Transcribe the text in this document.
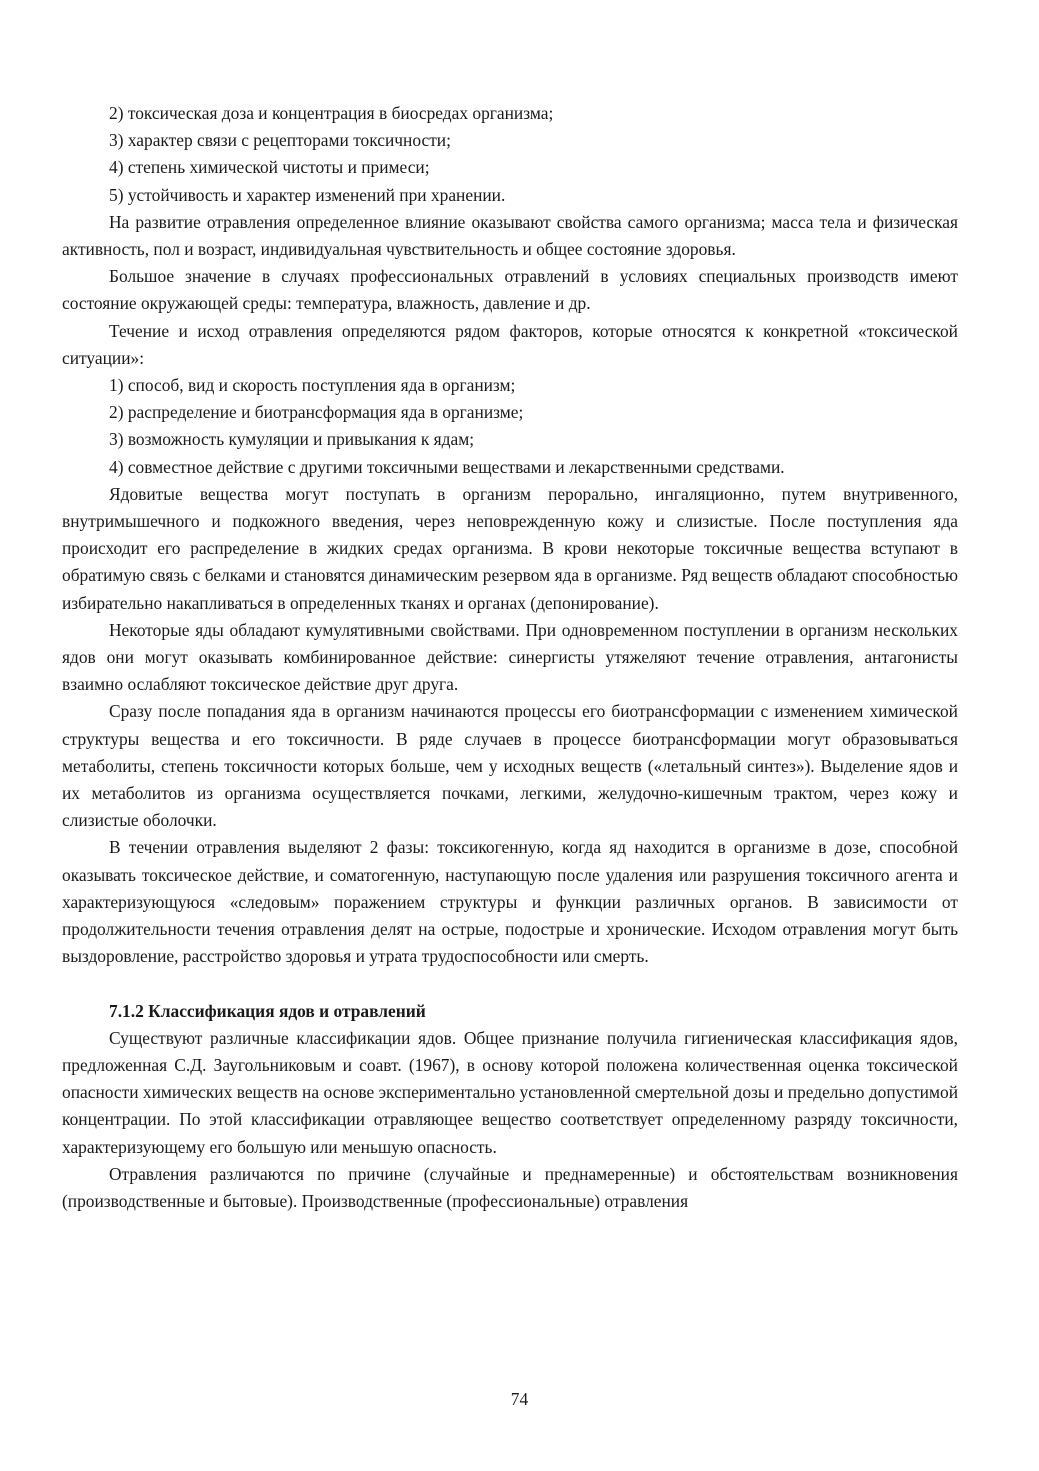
2) токсическая доза и концентрация в биосредах организма;

3) характер связи с рецепторами токсичности;

4) степень химической чистоты и примеси;

5) устойчивость и характер изменений при хранении.

На развитие отравления определенное влияние оказывают свойства самого организма; масса тела и физическая активность, пол и возраст, индивидуальная чувствительность и общее состояние здоровья.

Большое значение в случаях профессиональных отравлений в условиях специальных производств имеют состояние окружающей среды: температура, влажность, давление и др.

Течение и исход отравления определяются рядом факторов, которые относятся к конкретной «токсической ситуации»:

1) способ, вид и скорость поступления яда в организм;

2) распределение и биотрансформация яда в организме;

3) возможность кумуляции и привыкания к ядам;

4) совместное действие с другими токсичными веществами и лекарственными средствами.

Ядовитые вещества могут поступать в организм перорально, ингаляционно, путем внутривенного, внутримышечного и подкожного введения, через неповрежденную кожу и слизистые. После поступления яда происходит его распределение в жидких средах организма. В крови некоторые токсичные вещества вступают в обратимую связь с белками и становятся динамическим резервом яда в организме. Ряд веществ обладают способностью избирательно накапливаться в определенных тканях и органах (депонирование).

Некоторые яды обладают кумулятивными свойствами. При одновременном поступлении в организм нескольких ядов они могут оказывать комбинированное действие: синергисты утяжеляют течение отравления, антагонисты взаимно ослабляют токсическое действие друг друга.

Сразу после попадания яда в организм начинаются процессы его биотрансформации с изменением химической структуры вещества и его токсичности. В ряде случаев в процессе биотрансформации могут образовываться метаболиты, степень токсичности которых больше, чем у исходных веществ («летальный синтез»). Выделение ядов и их метаболитов из организма осуществляется почками, легкими, желудочно-кишечным трактом, через кожу и слизистые оболочки.

В течении отравления выделяют 2 фазы: токсикогенную, когда яд находится в организме в дозе, способной оказывать токсическое действие, и соматогенную, наступающую после удаления или разрушения токсичного агента и характеризующуюся «следовым» поражением структуры и функции различных органов. В зависимости от продолжительности течения отравления делят на острые, подострые и хронические. Исходом отравления могут быть выздоровление, расстройство здоровья и утрата трудоспособности или смерть.

7.1.2 Классификация ядов и отравлений

Существуют различные классификации ядов. Общее признание получила гигиеническая классификация ядов, предложенная С.Д. Заугольниковым и соавт. (1967), в основу которой положена количественная оценка токсической опасности химических веществ на основе экспериментально установленной смертельной дозы и предельно допустимой концентрации. По этой классификации отравляющее вещество соответствует определенному разряду токсичности, характеризующему его большую или меньшую опасность.

Отравления различаются по причине (случайные и преднамеренные) и обстоятельствам возникновения (производственные и бытовые). Производственные (профессиональные) отравления

74
